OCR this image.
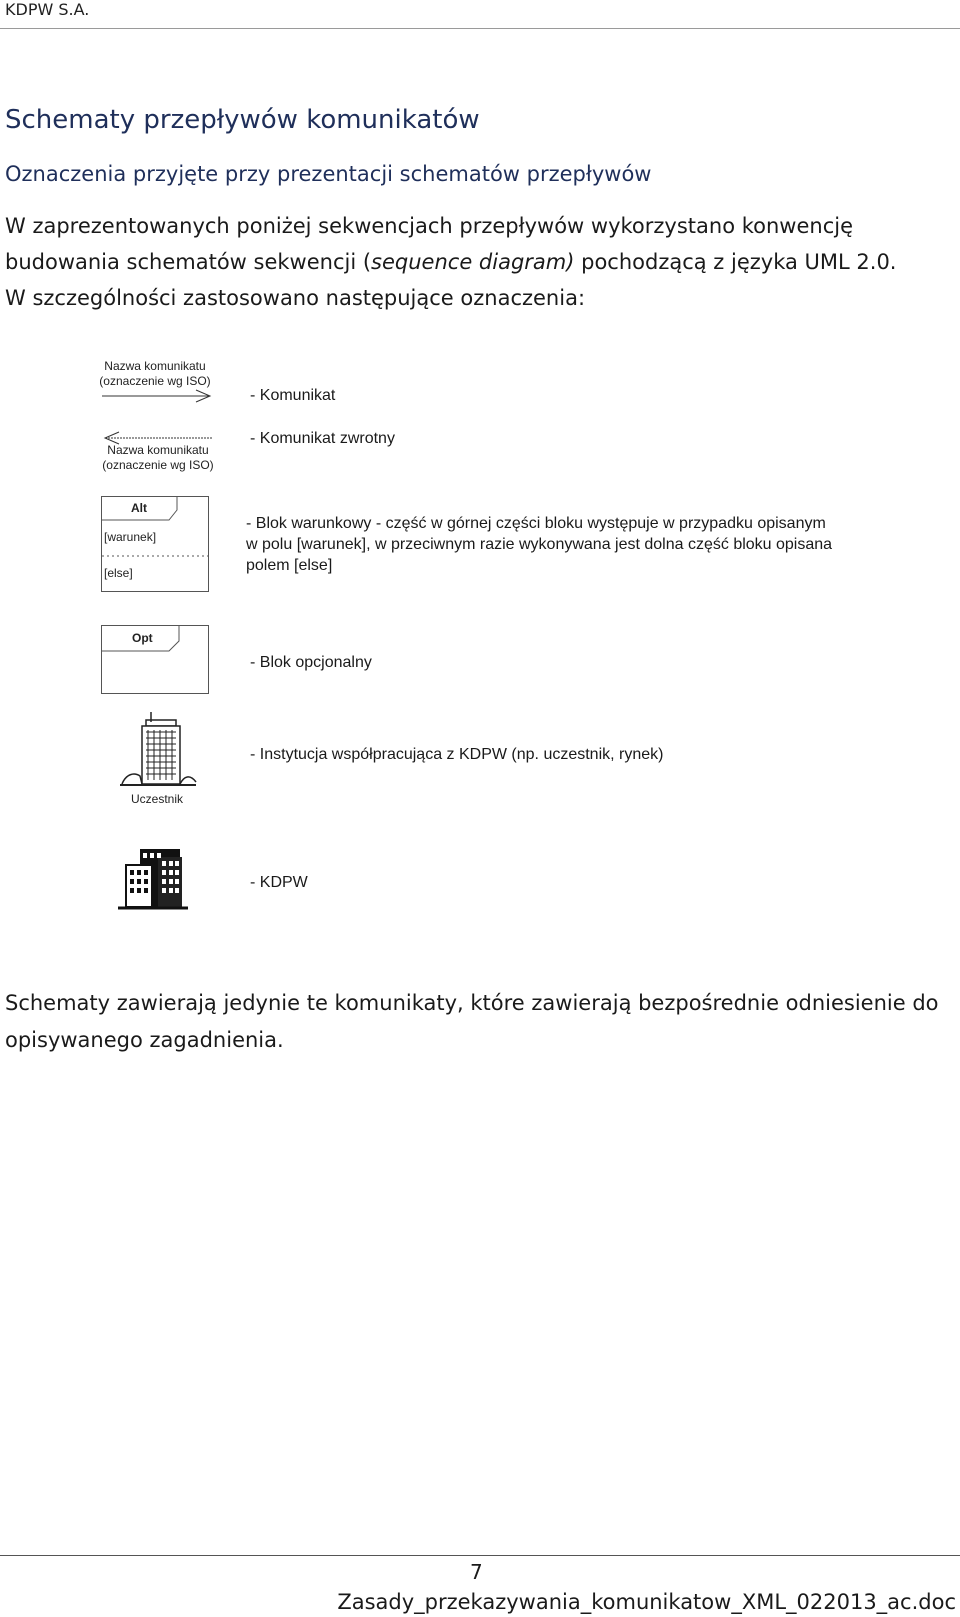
KDPW S.A.
Schematy przepływów komunikatów
Oznaczenia przyjęte przy prezentacji schematów przepływów
W zaprezentowanych poniżej sekwencjach przepływów wykorzystano konwencję budowania schematów sekwencji (sequence diagram) pochodzącą z języka UML 2.0.
W szczególności zastosowano następujące oznaczenia:
Nazwa komunikatu
(oznaczenie wg ISO)
- Komunikat
- Komunikat zwrotny
Nazwa komunikatu
(oznaczenie wg ISO)
Alt
[warunek]
[else]
- Blok warunkowy - część w górnej części bloku występuje w przypadku opisanym w polu [warunek], w przeciwnym razie wykonywana jest dolna część bloku opisana polem [else]
Opt
- Blok opcjonalny
Uczestnik
- Instytucja współpracująca z KDPW (np. uczestnik, rynek)
- KDPW
Schematy zawierają jedynie te komunikaty, które zawierają bezpośrednie odniesienie do opisywanego zagadnienia.
7
Zasady_przekazywania_komunikatow_XML_022013_ac.doc
